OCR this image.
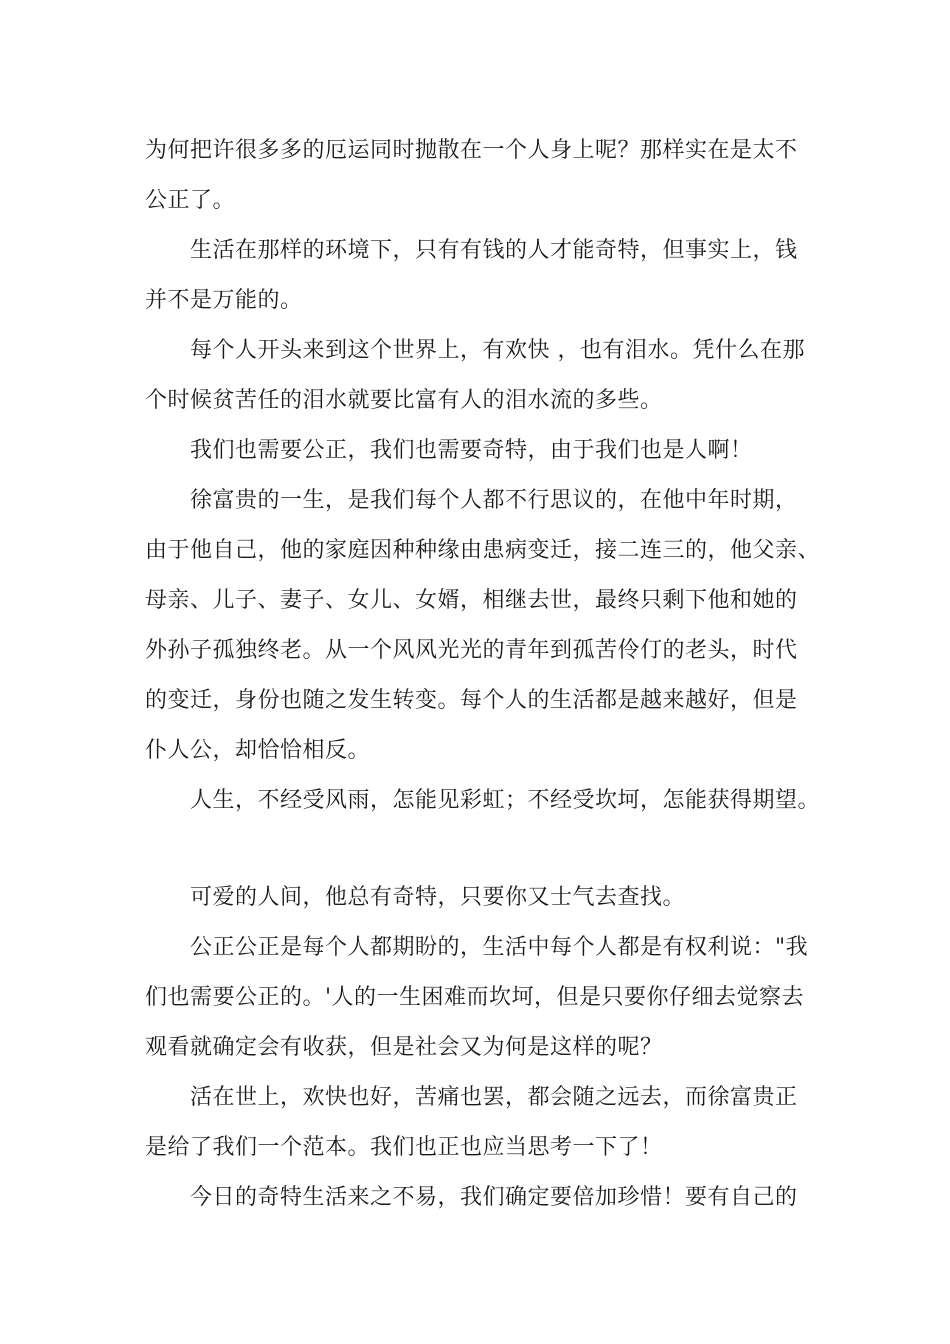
为何把许很多多的厄运同时抛散在一个人身上呢？那样实在是太不
公正了。
生活在那样的环境下，只有有钱的人才能奇特，但事实上，钱
并不是万能的。
每个人开头来到这个世界上，有欢快 ，也有泪水。凭什么在那
个时候贫苦任的泪水就要比富有人的泪水流的多些。
我们也需要公正，我们也需要奇特，由于我们也是人啊！
徐富贵的一生，是我们每个人都不行思议的，在他中年时期，
由于他自己，他的家庭因种种缘由患病变迁，接二连三的，他父亲、
母亲、儿子、妻子、女儿、女婿，相继去世，最终只剩下他和她的
外孙子孤独终老。从一个风风光光的青年到孤苦伶仃的老头，时代
的变迁，身份也随之发生转变。每个人的生活都是越来越好，但是
仆人公，却恰恰相反。
人生，不经受风雨，怎能见彩虹；不经受坎坷，怎能获得期望。
可爱的人间，他总有奇特，只要你又士气去查找。
公正公正是每个人都期盼的，生活中每个人都是有权利说："我
们也需要公正的。'人的一生困难而坎坷，但是只要你仔细去觉察去
观看就确定会有收获，但是社会又为何是这样的呢？
活在世上，欢快也好，苦痛也罢，都会随之远去，而徐富贵正
是给了我们一个范本。我们也正也应当思考一下了！
今日的奇特生活来之不易，我们确定要倍加珍惜！要有自己的
